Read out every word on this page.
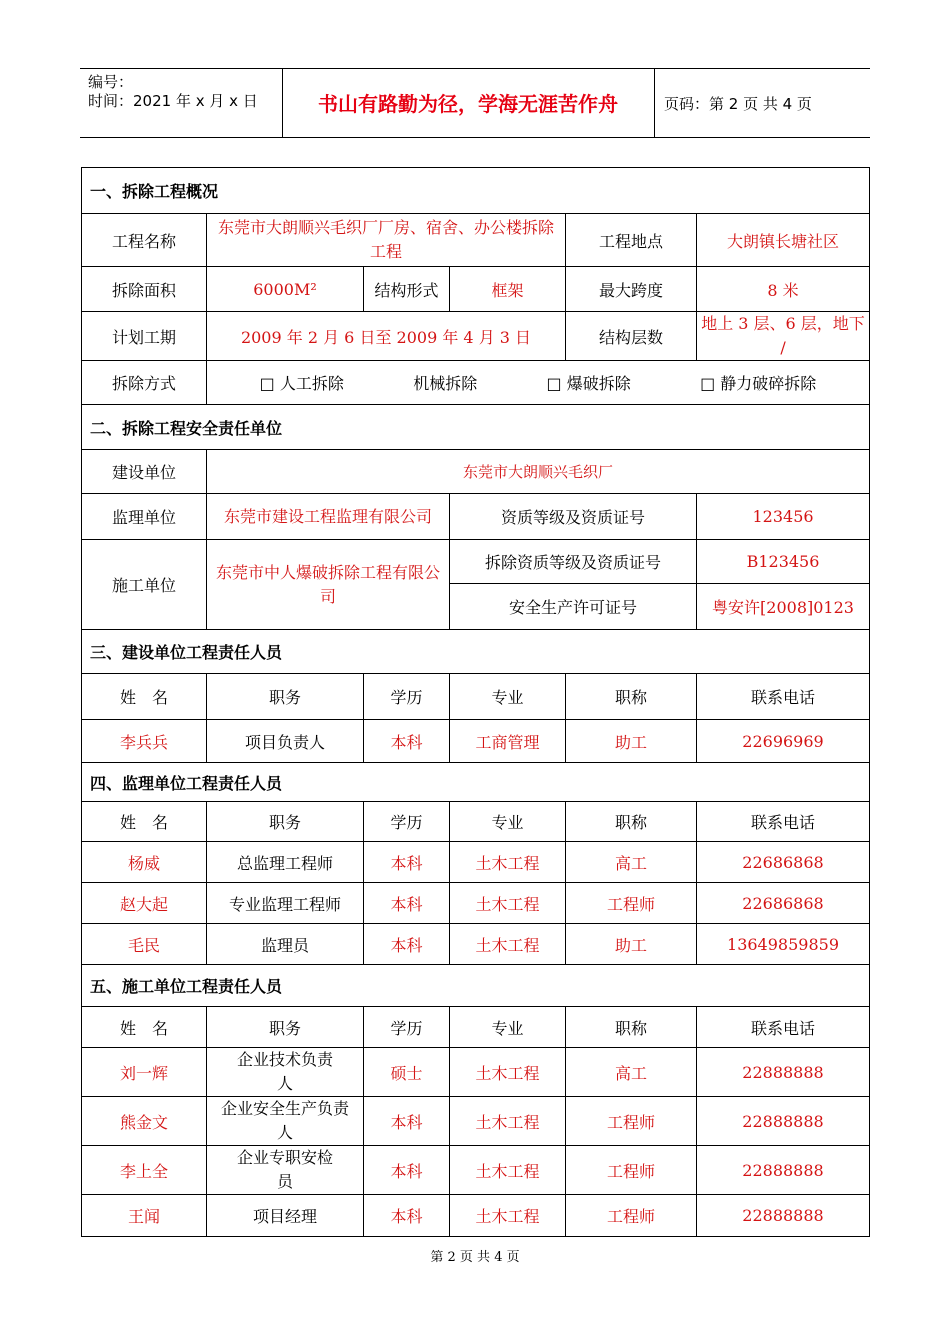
编号：
时间：2021 年 x 月 x 日	书山有路勤为径，学海无涯苦作舟	页码：第 2 页 共 4 页
一、拆除工程概况					
工程名称	东莞市大朗顺兴毛织厂厂房、宿舍、办公楼拆除工程			工程地点	大朗镇长塘社区
拆除面积	6000M²	结构形式	框架	最大跨度	8 米
计划工期	2009 年 2 月 6 日至 2009 年 4 月 3 日			结构层数	地上 3 层、6 层，地下 /
拆除方式	□ 人工拆除 机械拆除 □ 爆破拆除 □ 静力破碎拆除				

二、拆除工程安全责任单位					
建设单位	东莞市大朗顺兴毛织厂				
监理单位	东莞市建设工程监理有限公司		资质等级及资质证号		123456
施工单位	东莞市中人爆破拆除工程有限公司		拆除资质等级及资质证号		B123456
			安全生产许可证号		粤安许[2008]0123
三、建设单位工程责任人员					
姓　名	职务	学历	专业	职称	联系电话
李兵兵	项目负责人	本科	工商管理	助工	22696969
四、监理单位工程责任人员					
姓　名	职务	学历	专业	职称	联系电话
杨威	总监理工程师	本科	土木工程	高工	22686868
赵大起	专业监理工程师	本科	土木工程	工程师	22686868
毛民	监理员	本科	土木工程	助工	13649859859
五、施工单位工程责任人员					
姓　名	职务	学历	专业	职称	联系电话
刘一辉	企业技术负责人	硕士	土木工程	高工	22888888
熊金文	企业安全生产负责人	本科	土木工程	工程师	22888888
李上全	企业专职安检员	本科	土木工程	工程师	22888888
王闻	项目经理	本科	土木工程	工程师	22888888
第 2 页 共 4 页
